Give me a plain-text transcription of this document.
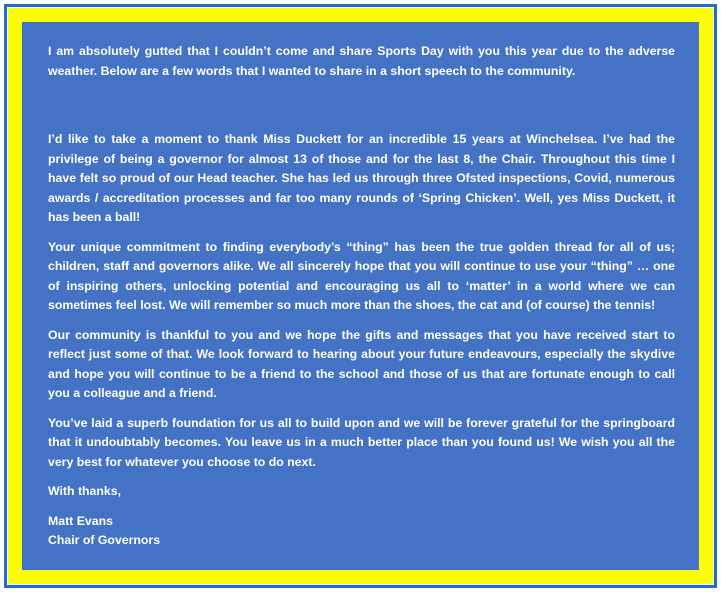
I am absolutely gutted that I couldn’t come and share Sports Day with you this year due to the adverse weather. Below are a few words that I wanted to share in a short speech to the community.

I’d like to take a moment to thank Miss Duckett for an incredible 15 years at Winchelsea. I’ve had the privilege of being a governor for almost 13 of those and for the last 8, the Chair. Throughout this time I have felt so proud of our Head teacher. She has led us through three Ofsted inspections, Covid, numerous awards / accreditation processes and far too many rounds of ‘Spring Chicken’. Well, yes Miss Duckett, it has been a ball!

Your unique commitment to finding everybody’s “thing” has been the true golden thread for all of us; children, staff and governors alike. We all sincerely hope that you will continue to use your “thing” … one of inspiring others, unlocking potential and encouraging us all to ‘matter’ in a world where we can sometimes feel lost. We will remember so much more than the shoes, the cat and (of course) the tennis!

Our community is thankful to you and we hope the gifts and messages that you have received start to reflect just some of that. We look forward to hearing about your future endeavours, especially the skydive and hope you will continue to be a friend to the school and those of us that are fortunate enough to call you a colleague and a friend.

You’ve laid a superb foundation for us all to build upon and we will be forever grateful for the springboard that it undoubtably becomes. You leave us in a much better place than you found us! We wish you all the very best for whatever you choose to do next.

With thanks,

Matt Evans
Chair of Governors
